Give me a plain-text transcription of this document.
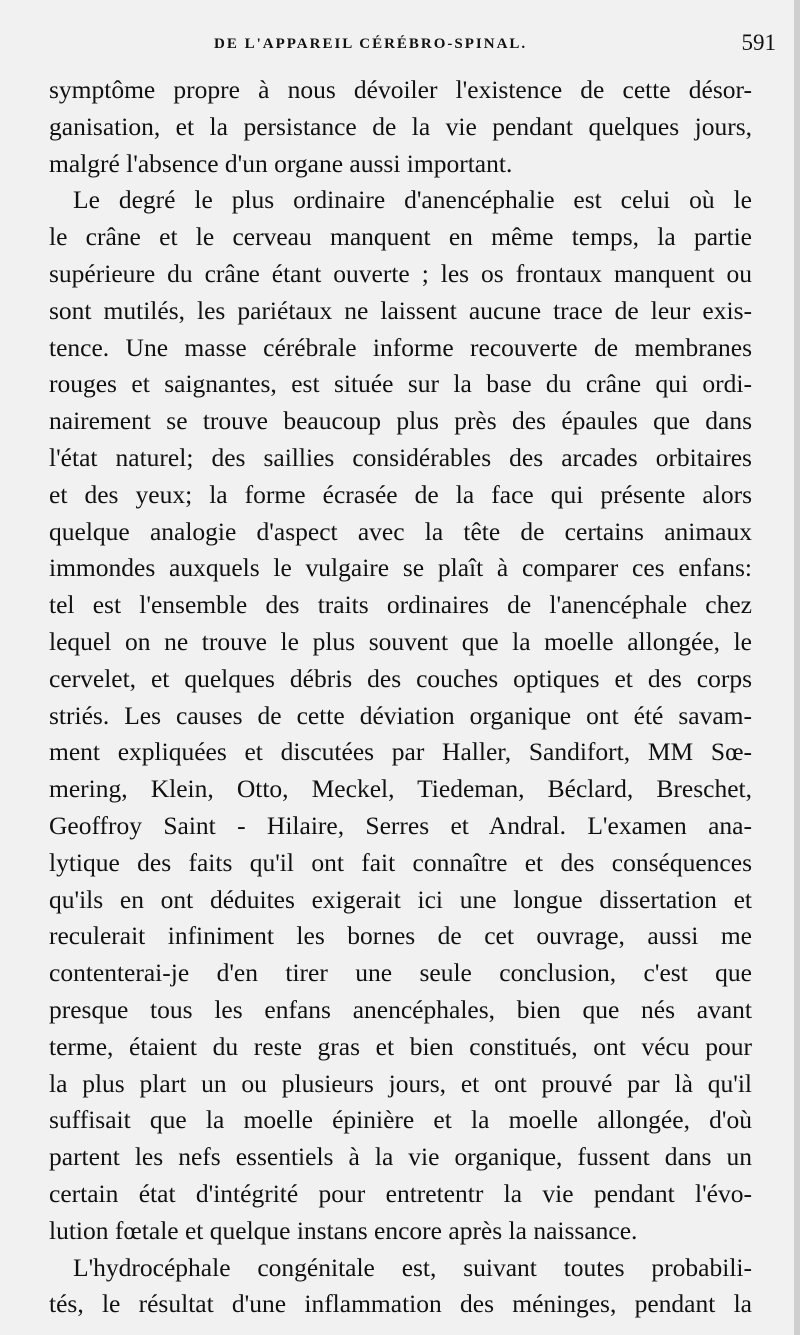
DE L'APPAREIL CÉRÉBRO-SPINAL.	591
symptôme propre à nous dévoiler l'existence de cette désor-
ganisation, et la persistance de la vie pendant quelques jours,
malgré l'absence d'un organe aussi important.
Le degré le plus ordinaire d'anencéphalie est celui où le
le crâne et le cerveau manquent en même temps, la partie
supérieure du crâne étant ouverte ; les os frontaux manquent ou
sont mutilés, les pariétaux ne laissent aucune trace de leur exis-
tence. Une masse cérébrale informe recouverte de membranes
rouges et saignantes, est située sur la base du crâne qui ordi-
nairement se trouve beaucoup plus près des épaules que dans
l'état naturel; des saillies considérables des arcades orbitaires
et des yeux; la forme écrasée de la face qui présente alors
quelque analogie d'aspect avec la tête de certains animaux
immondes auxquels le vulgaire se plaît à comparer ces enfans:
tel est l'ensemble des traits ordinaires de l'anencéphale chez
lequel on ne trouve le plus souvent que la moelle allongée, le
cervelet, et quelques débris des couches optiques et des corps
striés. Les causes de cette déviation organique ont été savam-
ment expliquées et discutées par Haller, Sandifort, MM Sœ-
mering, Klein, Otto, Meckel, Tiedeman, Béclard, Breschet,
Geoffroy Saint - Hilaire, Serres et Andral. L'examen ana-
lytique des faits qu'il ont fait connaître et des conséquences
qu'ils en ont déduites exigerait ici une longue dissertation et
reculerait infiniment les bornes de cet ouvrage, aussi me
contenterai-je d'en tirer une seule conclusion, c'est que
presque tous les enfans anencéphales, bien que nés avant
terme, étaient du reste gras et bien constitués, ont vécu pour
la plus plart un ou plusieurs jours, et ont prouvé par là qu'il
suffisait que la moelle épinière et la moelle allongée, d'où
partent les nefs essentiels à la vie organique, fussent dans un
certain état d'intégrité pour entretentr la vie pendant l'évo-
lution fœtale et quelque instans encore après la naissance.
L'hydrocéphale congénitale est, suivant toutes probabili-
tés, le résultat d'une inflammation des méninges, pendant la
